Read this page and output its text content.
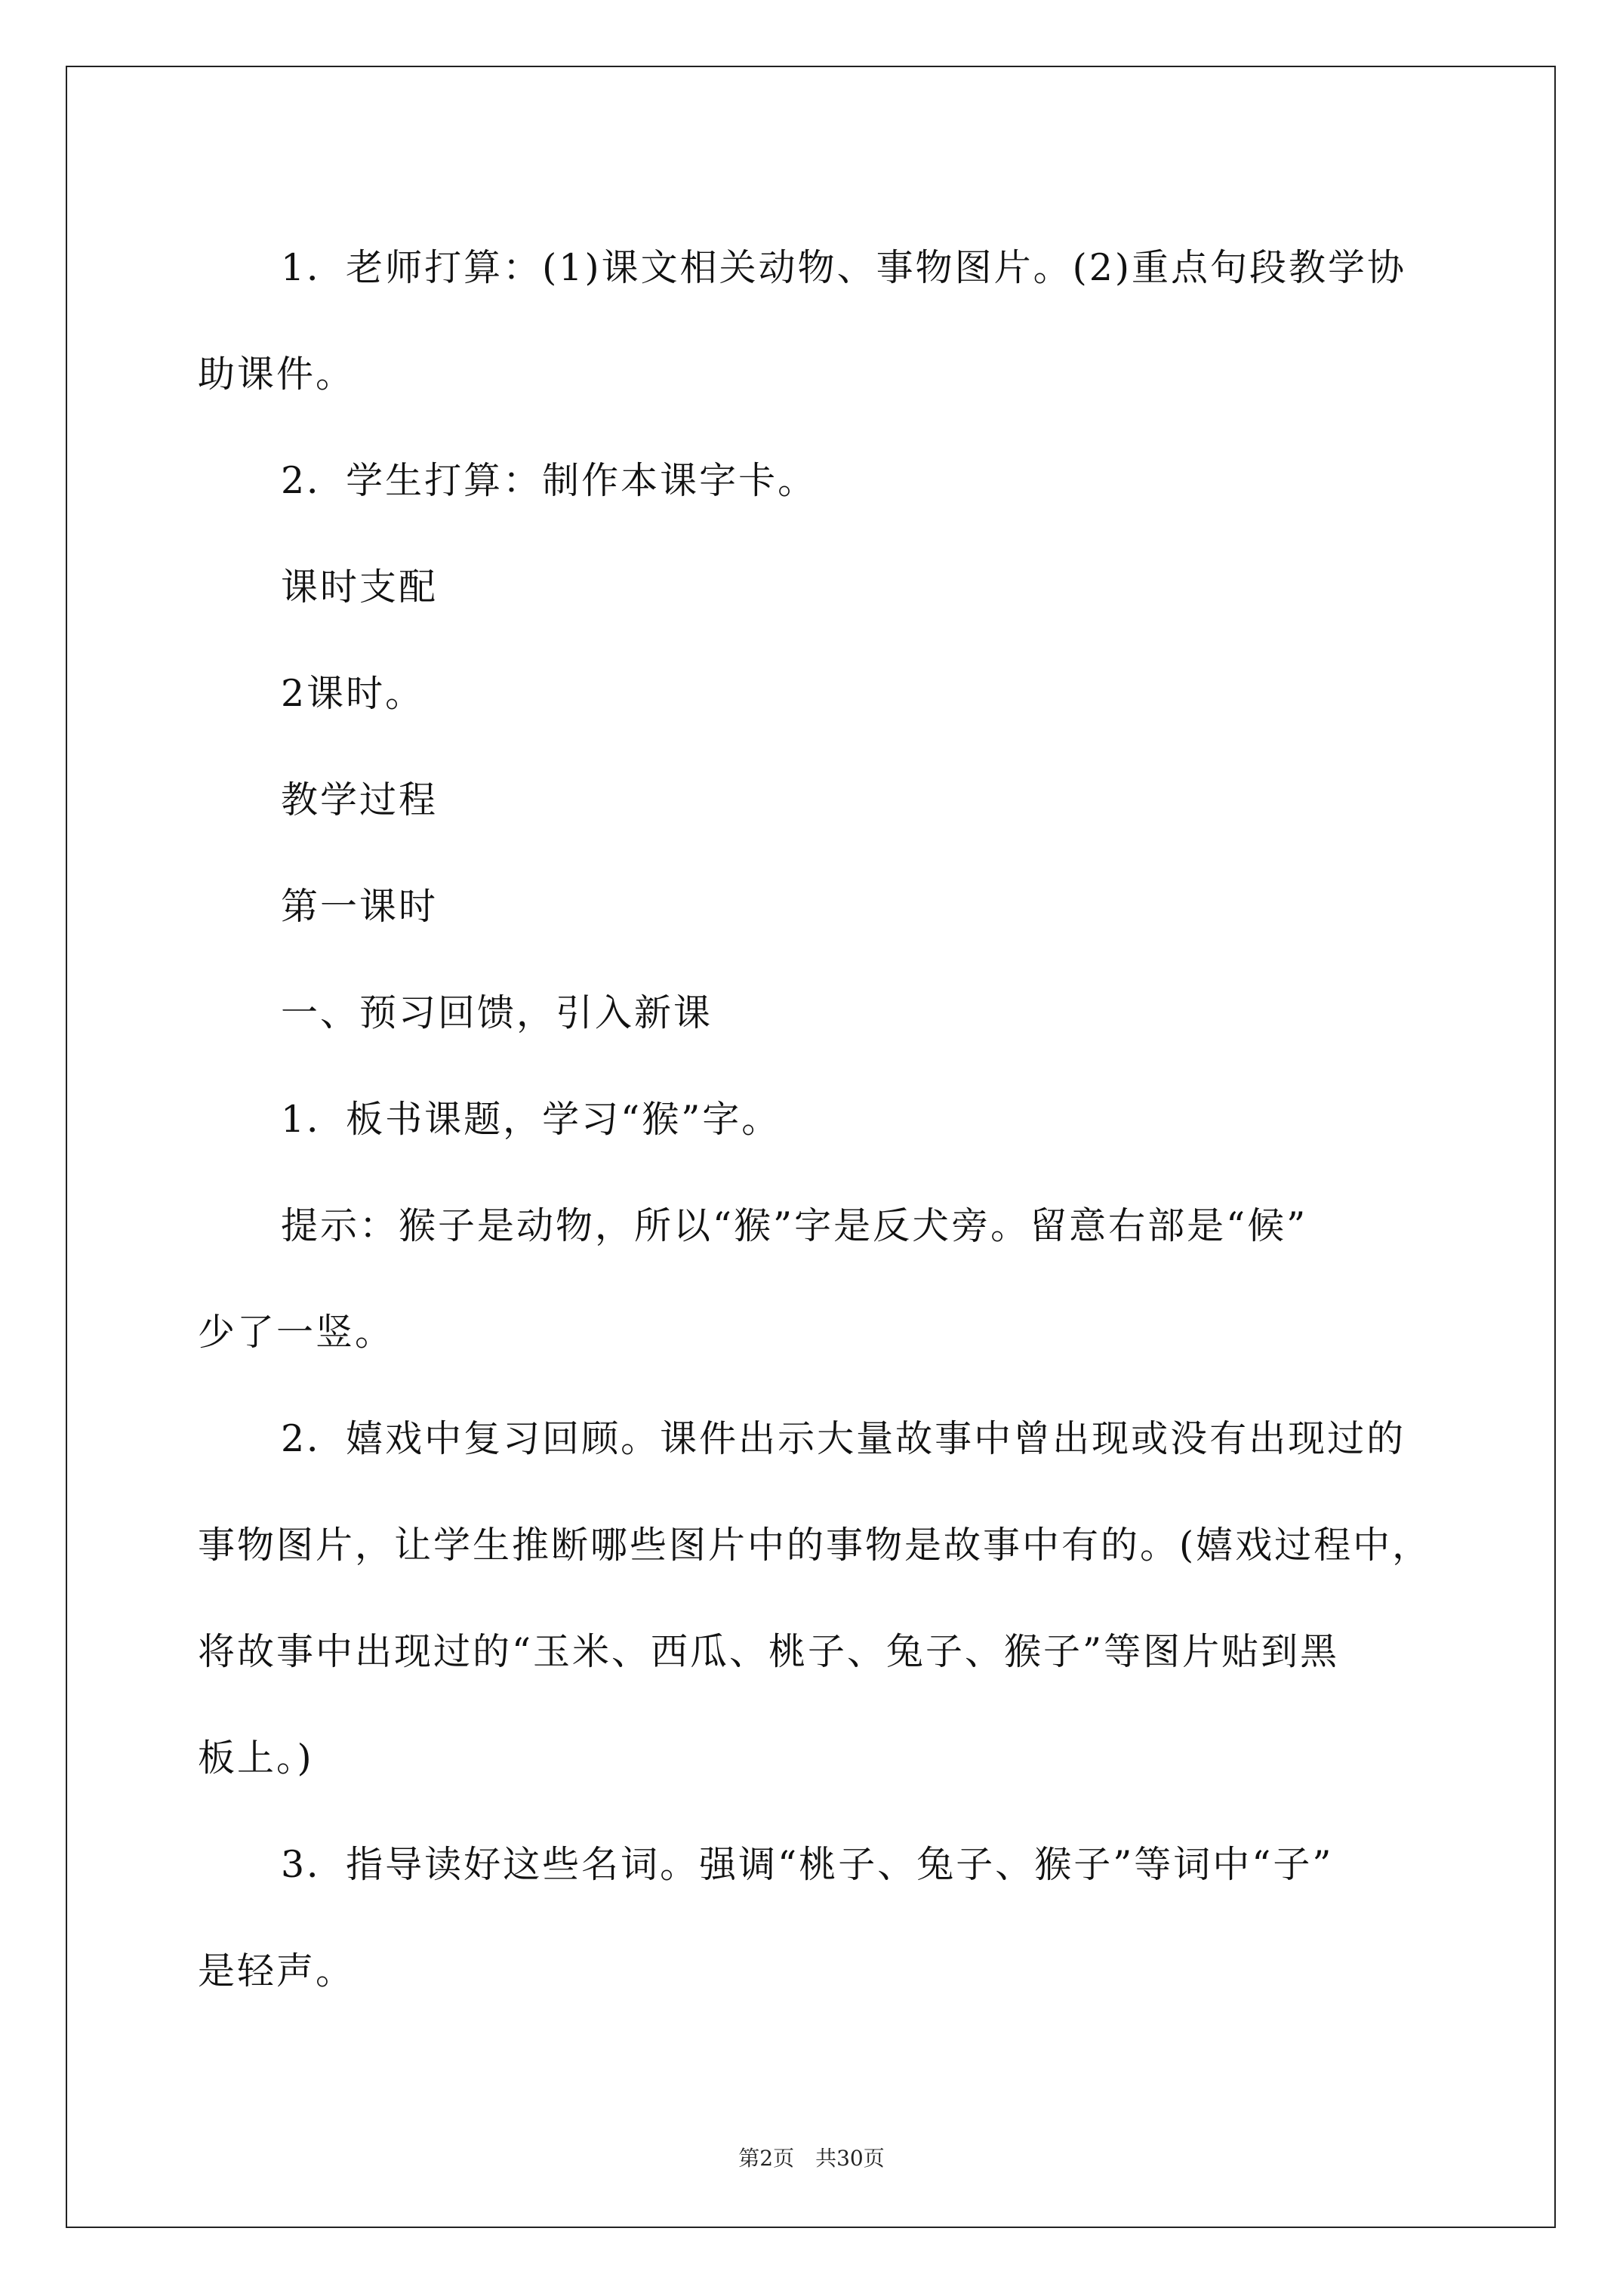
1．老师打算：(1)课文相关动物、事物图片。(2)重点句段教学协
助课件。
2．学生打算：制作本课字卡。
课时支配
2课时。
教学过程
第一课时
一、预习回馈，引入新课
1．板书课题，学习“猴”字。
提示：猴子是动物，所以“猴”字是反犬旁。留意右部是“候”
少了一竖。
2．嬉戏中复习回顾。课件出示大量故事中曾出现或没有出现过的
事物图片，让学生推断哪些图片中的事物是故事中有的。(嬉戏过程中，
将故事中出现过的“玉米、西瓜、桃子、兔子、猴子”等图片贴到黑
板上。)
3．指导读好这些名词。强调“桃子、兔子、猴子”等词中“子”
是轻声。
第2页 共30页
